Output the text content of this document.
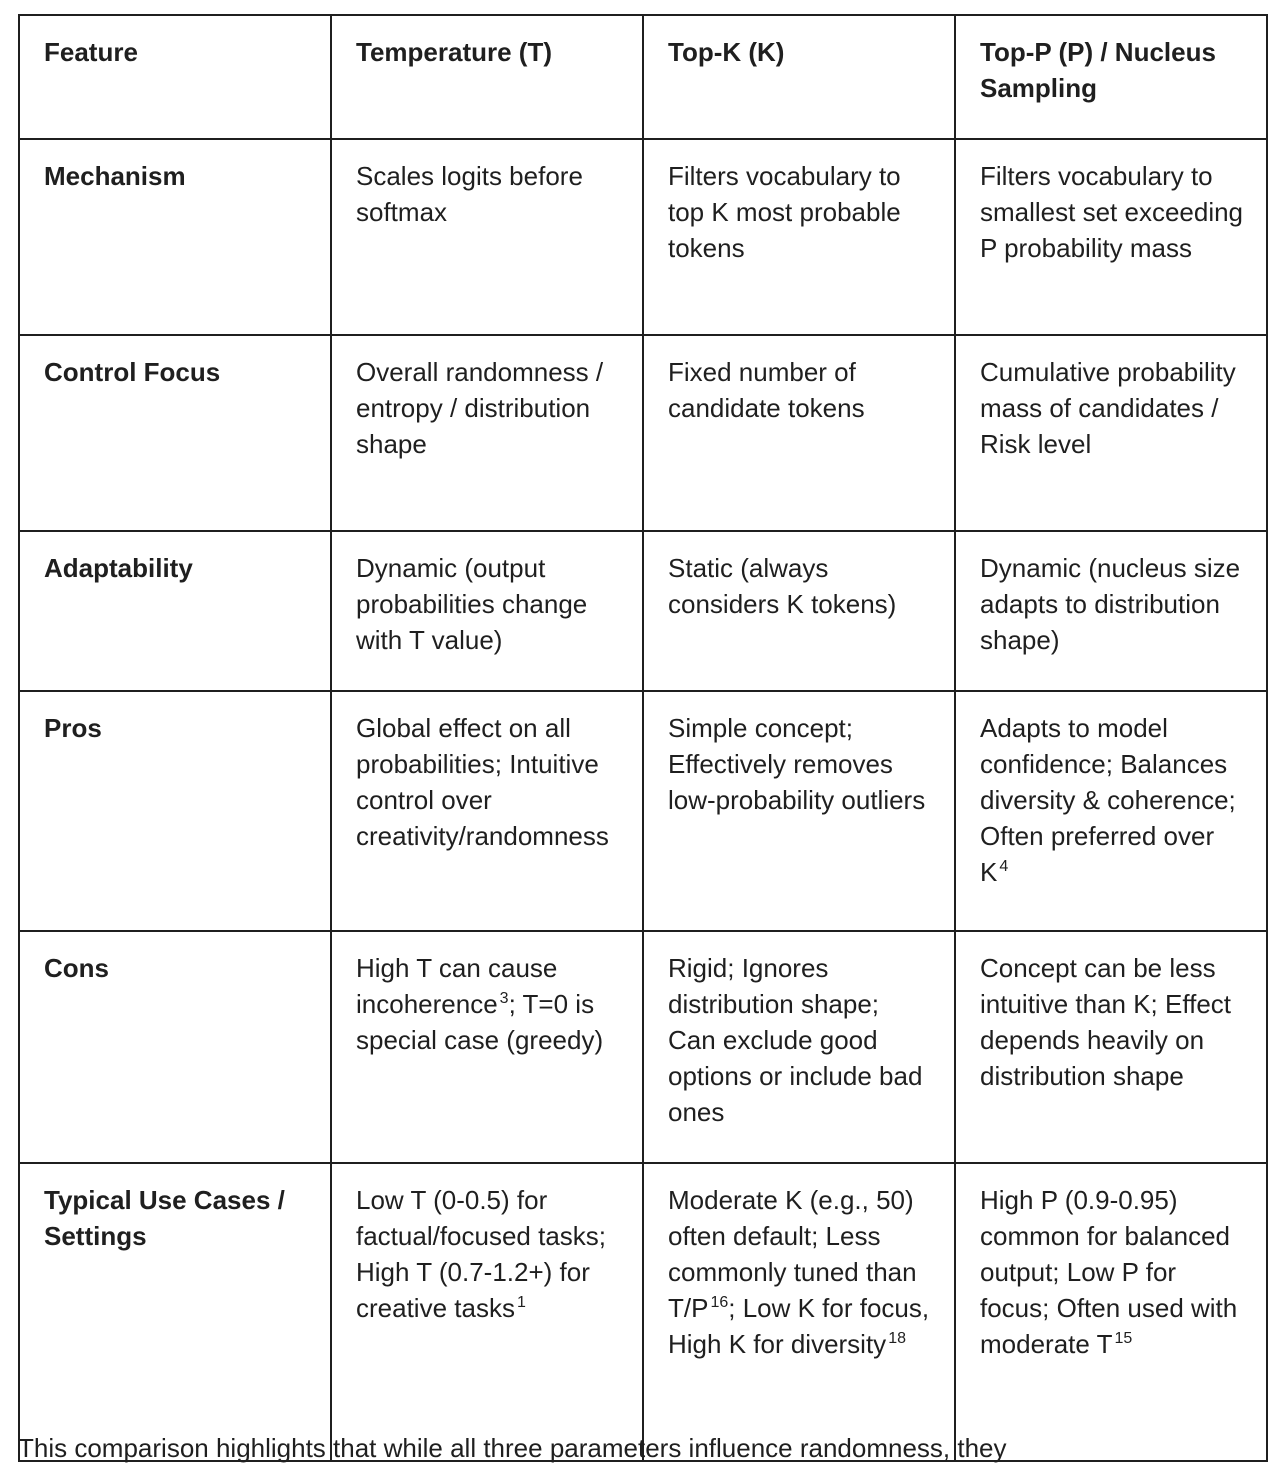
Feature	Temperature (T)	Top-K (K)	Top-P (P) / Nucleus Sampling
Mechanism	Scales logits before softmax	Filters vocabulary to top K most probable tokens	Filters vocabulary to smallest set exceeding P probability mass
Control Focus	Overall randomness / entropy / distribution shape	Fixed number of candidate tokens	Cumulative probability mass of candidates / Risk level
Adaptability	Dynamic (output probabilities change with T value)	Static (always considers K tokens)	Dynamic (nucleus size adapts to distribution shape)
Pros	Global effect on all probabilities; Intuitive control over creativity/randomness	Simple concept; Effectively removes low-probability outliers	Adapts to model confidence; Balances diversity & coherence; Often preferred over K $^4$
Cons	High T can cause incoherence $^3$; T=0 is special case (greedy)	Rigid; Ignores distribution shape; Can exclude good options or include bad ones	Concept can be less intuitive than K; Effect depends heavily on distribution shape
Typical Use Cases / Settings	Low T (0-0.5) for factual/focused tasks; High T (0.7-1.2+) for creative tasks $^1$	Moderate K (e.g., 50) often default; Less commonly tuned than T/P $^{16}$; Low K for focus, High K for diversity $^{18}$	High P (0.9-0.95) common for balanced output; Low P for focus; Often used with moderate T $^{15}$
This comparison highlights that while all three parameters influence randomness, they
